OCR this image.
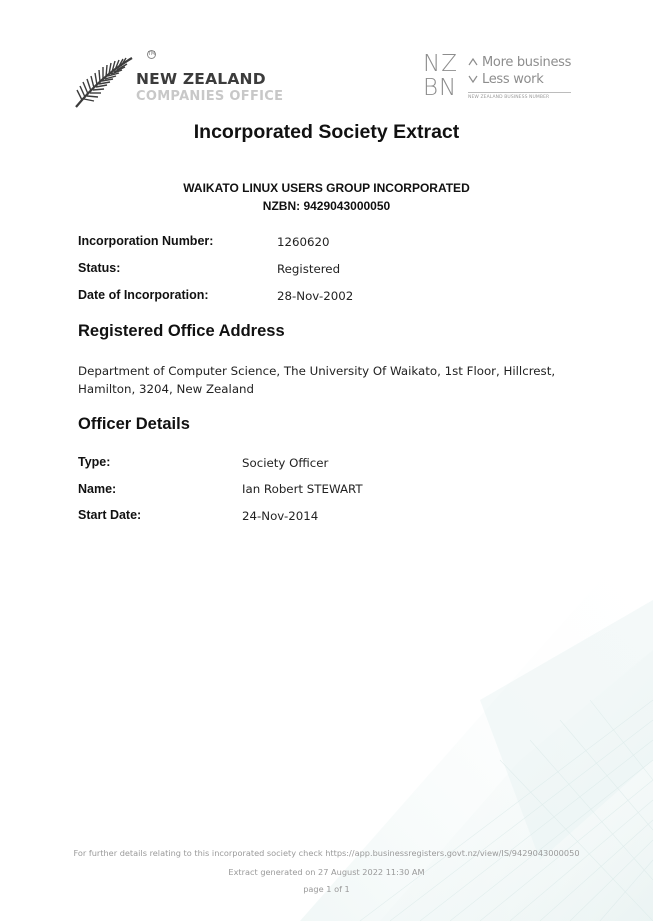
TM
NEW ZEALAND
COMPANIES OFFICE
NZ
BN
More business
Less work
NEW ZEALAND BUSINESS NUMBER
Incorporated Society Extract
WAIKATO LINUX USERS GROUP INCORPORATED
NZBN: 9429043000050
Incorporation Number:	1260620
Status:	Registered
Date of Incorporation:	28-Nov-2002
Registered Office Address
Department of Computer Science, The University Of Waikato, 1st Floor, Hillcrest,
Hamilton, 3204, New Zealand
Officer Details
Type:	Society Officer
Name:	Ian Robert STEWART
Start Date:	24-Nov-2014
For further details relating to this incorporated society check https://app.businessregisters.govt.nz/view/IS/9429043000050
Extract generated on 27 August 2022 11:30 AM
page 1 of 1
